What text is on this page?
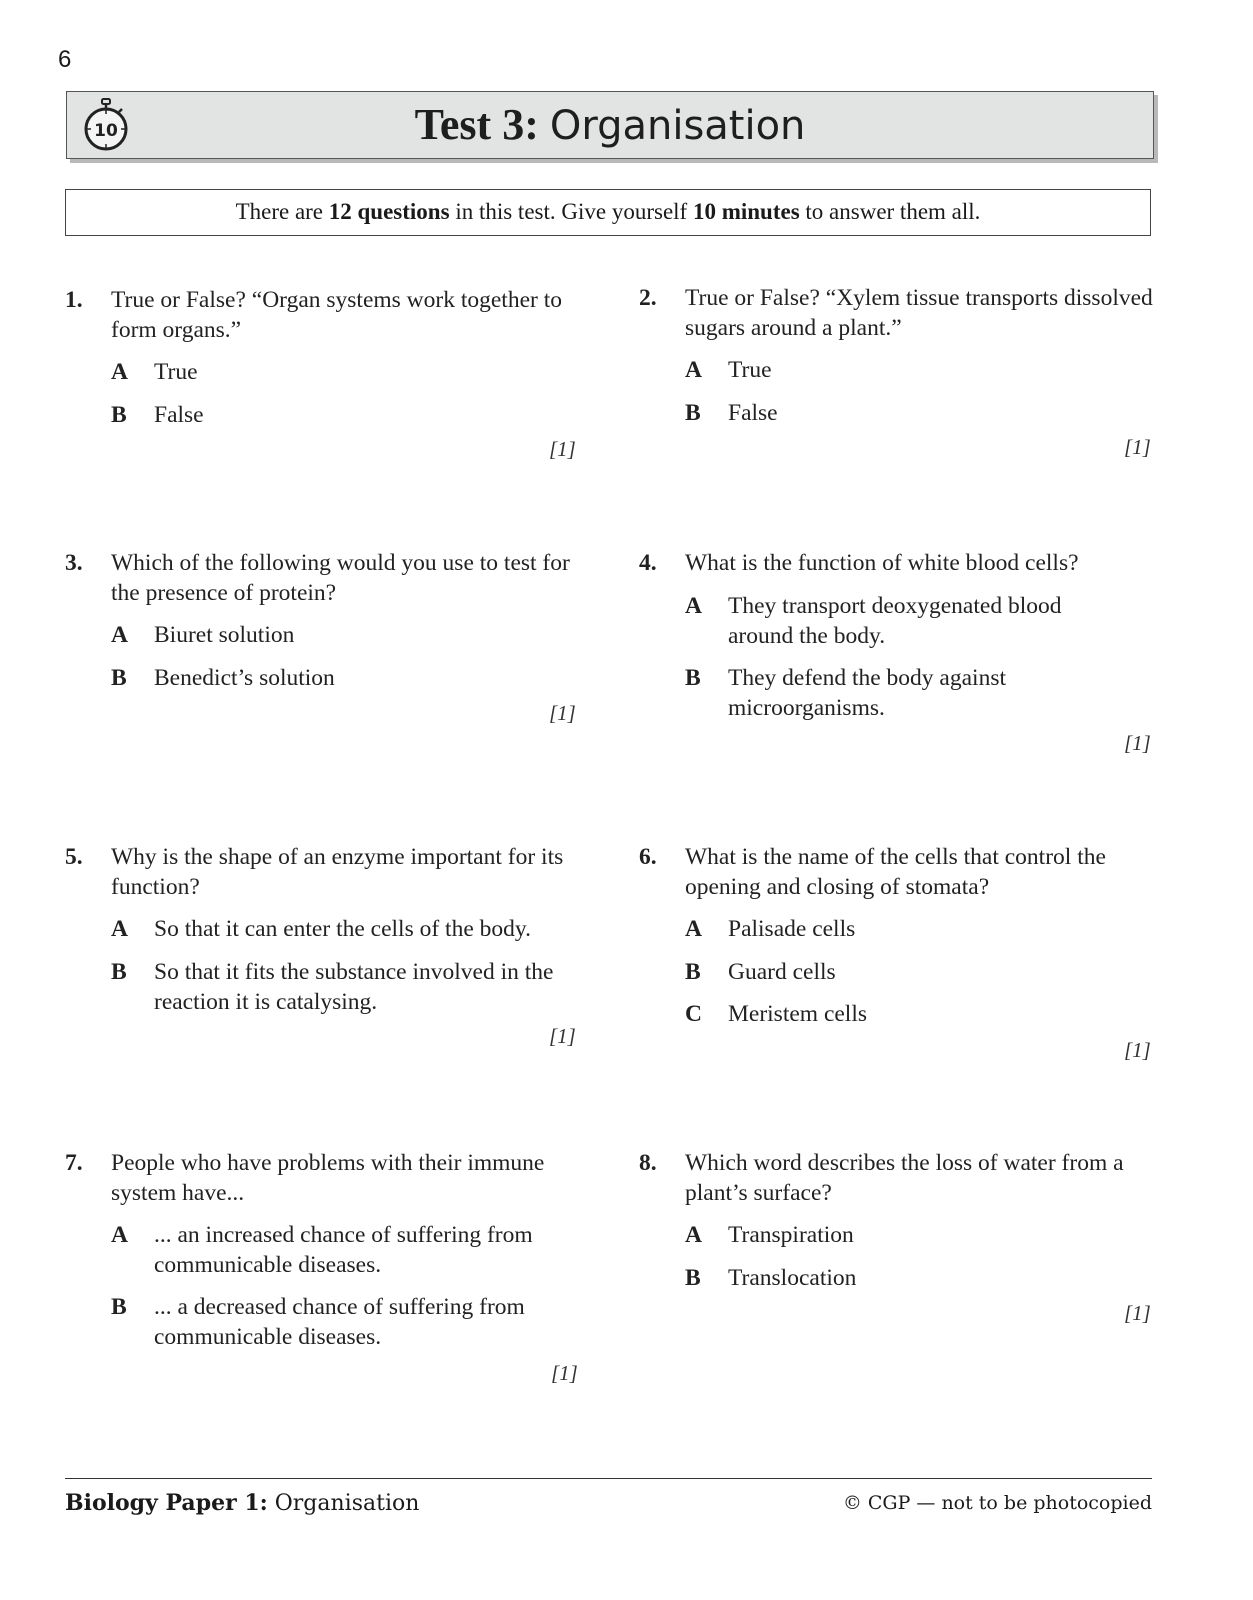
6
10	Test 3: Organisation
There are 12 questions in this test. Give yourself 10 minutes to answer them all.
1. True or False? “Organ systems work together to form organs.”
A True
B False
[1]
2. True or False? “Xylem tissue transports dissolved sugars around a plant.”
A True
B False
[1]
3. Which of the following would you use to test for the presence of protein?
A Biuret solution
B Benedict’s solution
[1]
4. What is the function of white blood cells?
A They transport deoxygenated blood around the body.
B They defend the body against microorganisms.
[1]
5. Why is the shape of an enzyme important for its function?
A So that it can enter the cells of the body.
B So that it fits the substance involved in the reaction it is catalysing.
[1]
6. What is the name of the cells that control the opening and closing of stomata?
A Palisade cells
B Guard cells
C Meristem cells
[1]
7. People who have problems with their immune system have...
A ... an increased chance of suffering from communicable diseases.
B ... a decreased chance of suffering from communicable diseases.
[1]
8. Which word describes the loss of water from a plant’s surface?
A Transpiration
B Translocation
[1]
Biology Paper 1: Organisation	© CGP — not to be photocopied
